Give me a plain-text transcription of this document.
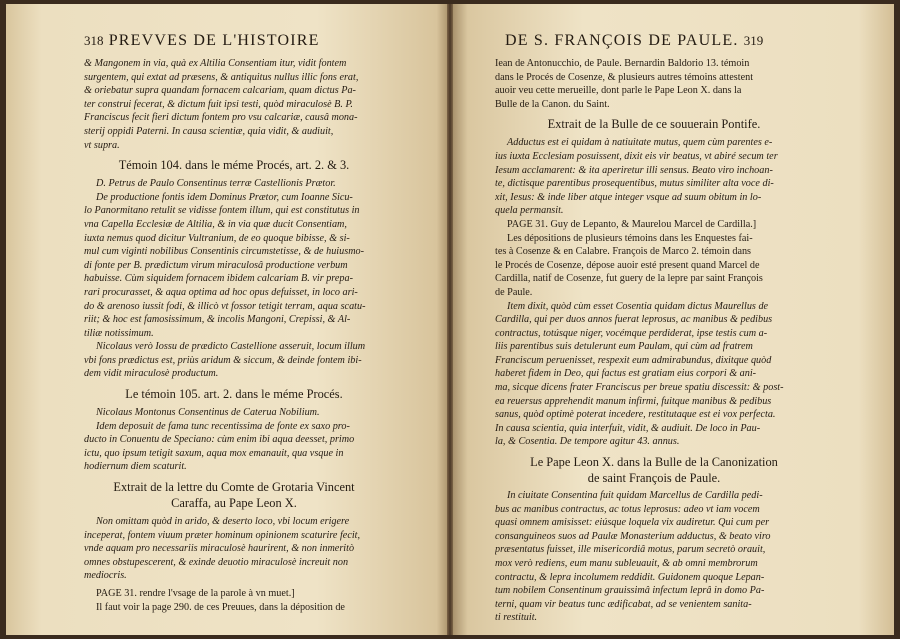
318 PREVVES DE L'HISTOIRE
& Mangonem in via, quà ex Altilia Consentiam itur, vidit fontem
surgentem, qui extat ad præsens, & antiquitus nullus illic fons erat,
& oriebatur supra quandam fornacem calcariam, quam dictus Pa-
ter construi fecerat, & dictum fuit ipsi testi, quòd miraculosè B. P.
Franciscus fecit fieri dictum fontem pro vsu calcariæ, causâ mona-
sterij oppidi Paterni. In causa scientiæ, quia vidit, & audiuit,
vt supra.
Témoin 104. dans le méme Procés, art. 2. & 3.
D. Petrus de Paulo Consentinus terræ Castellionis Prætor.
De productione fontis idem Dominus Prætor, cum Ioanne Sicu-
lo Panormitano retulit se vidisse fontem illum, qui est constitutus in
vna Capella Ecclesiæ de Altilia, & in via quæ ducit Consentiam,
iuxta nemus quod dicitur Vultranium, de eo quoque bibisse, & si-
mul cum viginti nobilibus Consentinis circumstetisse, & de huiusmo-
di fonte per B. prædictum virum miraculosâ productione verbum
habuisse. Cùm siquidem fornacem ibidem calcariam B. vir prepa-
rari procurasset, & aqua optima ad hoc opus defuisset, in loco ari-
do & arenoso iussit fodi, & illicò vt fossor tetigit terram, aqua scatu-
riit; & hoc est famosissimum, & incolis Mangoni, Crepissi, & Al-
tiliæ notissimum.
Nicolaus verò Iossu de prædicto Castellione asseruit, locum illum
vbi fons prædictus est, priùs aridum & siccum, & deinde fontem ibi-
dem vidit miraculosè productum.
Le témoin 105. art. 2. dans le méme Procés.
Nicolaus Montonus Consentinus de Caterua Nobilium.
Idem deposuit de fama tunc recentissima de fonte ex saxo pro-
ducto in Conuentu de Speciano: cùm enim ibi aqua deesset, primo
ictu, quo ipsum tetigit saxum, aqua mox emanauit, qua vsque in
hodiernum diem scaturit.
Extrait de la lettre du Comte de Grotaria Vincent
Caraffa, au Pape Leon X.
Non omittam quòd in arido, & deserto loco, vbi locum erigere
inceperat, fontem viuum præter hominum opinionem scaturire fecit,
vnde aquam pro necessariis miraculosè haurirent, & non inmeritò
omnes obstupescerent, & exinde deuotio miraculosè increuit non
mediocris.
PAGE 31. rendre l'vsage de la parole à vn muet.]
Il faut voir la page 290. de ces Preuues, dans la déposition de
DE S. FRANÇOIS DE PAULE. 319
Iean de Antonucchio, de Paule. Bernardin Baldorio 13. témoin
dans le Procés de Cosenze, & plusieurs autres témoins attestent
auoir veu cette merueille, dont parle le Pape Leon X. dans la
Bulle de la Canon. du Saint.
Extrait de la Bulle de ce souuerain Pontife.
Adductus est ei quidam à natiuitate mutus, quem cùm parentes e-
ius iuxta Ecclesiam posuissent, dixit eis vir beatus, vt abiré secum ter
Iesum acclamarent: & ita aperiretur illi sensus. Beato viro inchoan-
te, dictisque parentibus prosequentibus, mutus similiter alta voce di-
xit, Iesus: & inde liber atque integer vsque ad suum obitum in lo-
quela permansit.
PAGE 31. Guy de Lepanto, & Maurelou Marcel de Cardilla.]
Les dépositions de plusieurs témoins dans les Enquestes fai-
tes à Cosenze & en Calabre. François de Marco 2. témoin dans
le Procés de Cosenze, dépose auoir esté present quand Marcel de
Cardilla, natif de Cosenze, fut guery de la lepre par saint François
de Paule.
Item dixit, quòd cùm esset Cosentia quidam dictus Maurellus de
Cardilla, qui per duos annos fuerat leprosus, ac manibus & pedibus
contractus, totúsque niger, vocémque perdiderat, ipse testis cum a-
liis parentibus suis detulerunt eum Paulam, qui cùm ad fratrem
Franciscum peruenisset, respexit eum admirabundus, dixitque quòd
haberet fidem in Deo, qui factus est gratiam eius corpori & ani-
ma, sicque dicens frater Franciscus per breue spatiu discessit: & post-
ea reuersus apprehendit manum infirmi, fuitque manibus & pedibus
sanus, quòd optimè poterat incedere, restitutaque est ei vox perfecta.
In causa scientia, quia interfuit, vidit, & audiuit. De loco in Pau-
la, & Cosentia. De tempore agitur 43. annus.
Le Pape Leon X. dans la Bulle de la Canonization
de saint François de Paule.
In ciuitate Consentina fuit quidam Marcellus de Cardilla pedi-
bus ac manibus contractus, ac totus leprosus: adeo vt iam vocem
quasi omnem amisisset: eiúsque loquela vix audiretur. Qui cum per
consanguineos suos ad Paulæ Monasterium adductus, & beato viro
præsentatus fuisset, ille misericordiâ motus, parum secretò orauit,
mox verò rediens, eum manu subleuauit, & ab omni membrorum
contractu, & lepra incolumem reddidit. Guidonem quoque Lepan-
tum nobilem Consentinum grauissimâ infectum leprâ in domo Pa-
terni, quam vir beatus tunc ædificabat, ad se venientem sanita-
ti restituit.
